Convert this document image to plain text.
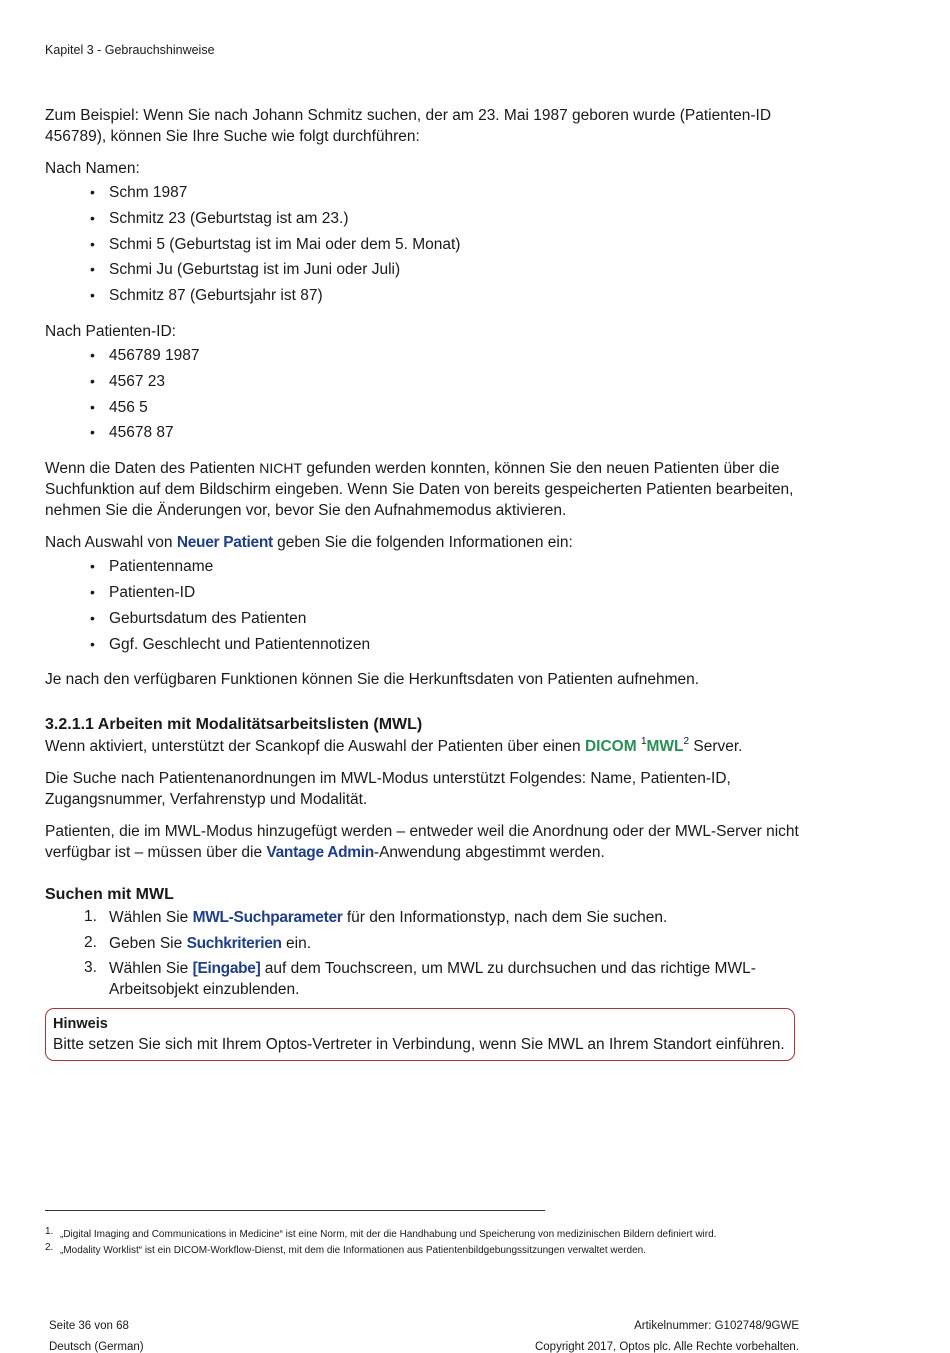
Kapitel 3 - Gebrauchshinweise

Zum Beispiel: Wenn Sie nach Johann Schmitz suchen, der am 23. Mai 1987 geboren wurde (Patienten-ID 456789), können Sie Ihre Suche wie folgt durchführen:

Nach Namen:

• Schm 1987
• Schmitz 23 (Geburtstag ist am 23.)
• Schmi 5 (Geburtstag ist im Mai oder dem 5. Monat)
• Schmi Ju (Geburtstag ist im Juni oder Juli)
• Schmitz 87 (Geburtsjahr ist 87)

Nach Patienten-ID:

• 456789 1987
• 4567 23
• 456 5
• 45678 87

Wenn die Daten des Patienten NICHT gefunden werden konnten, können Sie den neuen Patienten über die Suchfunktion auf dem Bildschirm eingeben. Wenn Sie Daten von bereits gespeicherten Patienten bearbeiten, nehmen Sie die Änderungen vor, bevor Sie den Aufnahmemodus aktivieren.

Nach Auswahl von Neuer Patient geben Sie die folgenden Informationen ein:

• Patientenname
• Patienten-ID
• Geburtsdatum des Patienten
• Ggf. Geschlecht und Patientennotizen

Je nach den verfügbaren Funktionen können Sie die Herkunftsdaten von Patienten aufnehmen.

3.2.1.1 Arbeiten mit Modalitätsarbeitslisten (MWL)

Wenn aktiviert, unterstützt der Scankopf die Auswahl der Patienten über einen DICOM $^1$MWL$^2$ Server.

Die Suche nach Patientenanordnungen im MWL-Modus unterstützt Folgendes: Name, Patienten-ID, Zugangsnummer, Verfahrenstyp und Modalität.

Patienten, die im MWL-Modus hinzugefügt werden – entweder weil die Anordnung oder der MWL-Server nicht verfügbar ist – müssen über die Vantage Admin-Anwendung abgestimmt werden.

Suchen mit MWL
1. Wählen Sie MWL-Suchparameter für den Informationstyp, nach dem Sie suchen.
2. Geben Sie Suchkriterien ein.
3. Wählen Sie [Eingabe] auf dem Touchscreen, um MWL zu durchsuchen und das richtige MWL-Arbeitsobjekt einzublenden.
Hinweis
Bitte setzen Sie sich mit Ihrem Optos-Vertreter in Verbindung, wenn Sie MWL an Ihrem Standort einführen.
1. „Digital Imaging and Communications in Medicine“ ist eine Norm, mit der die Handhabung und Speicherung von medizinischen Bildern definiert wird.
2. „Modality Worklist“ ist ein DICOM-Workflow-Dienst, mit dem die Informationen aus Patientenbildgebungssitzungen verwaltet werden.
Seite 36 von 68
Deutsch (German)
Artikelnummer: G102748/9GWE
Copyright 2017, Optos plc. Alle Rechte vorbehalten.
